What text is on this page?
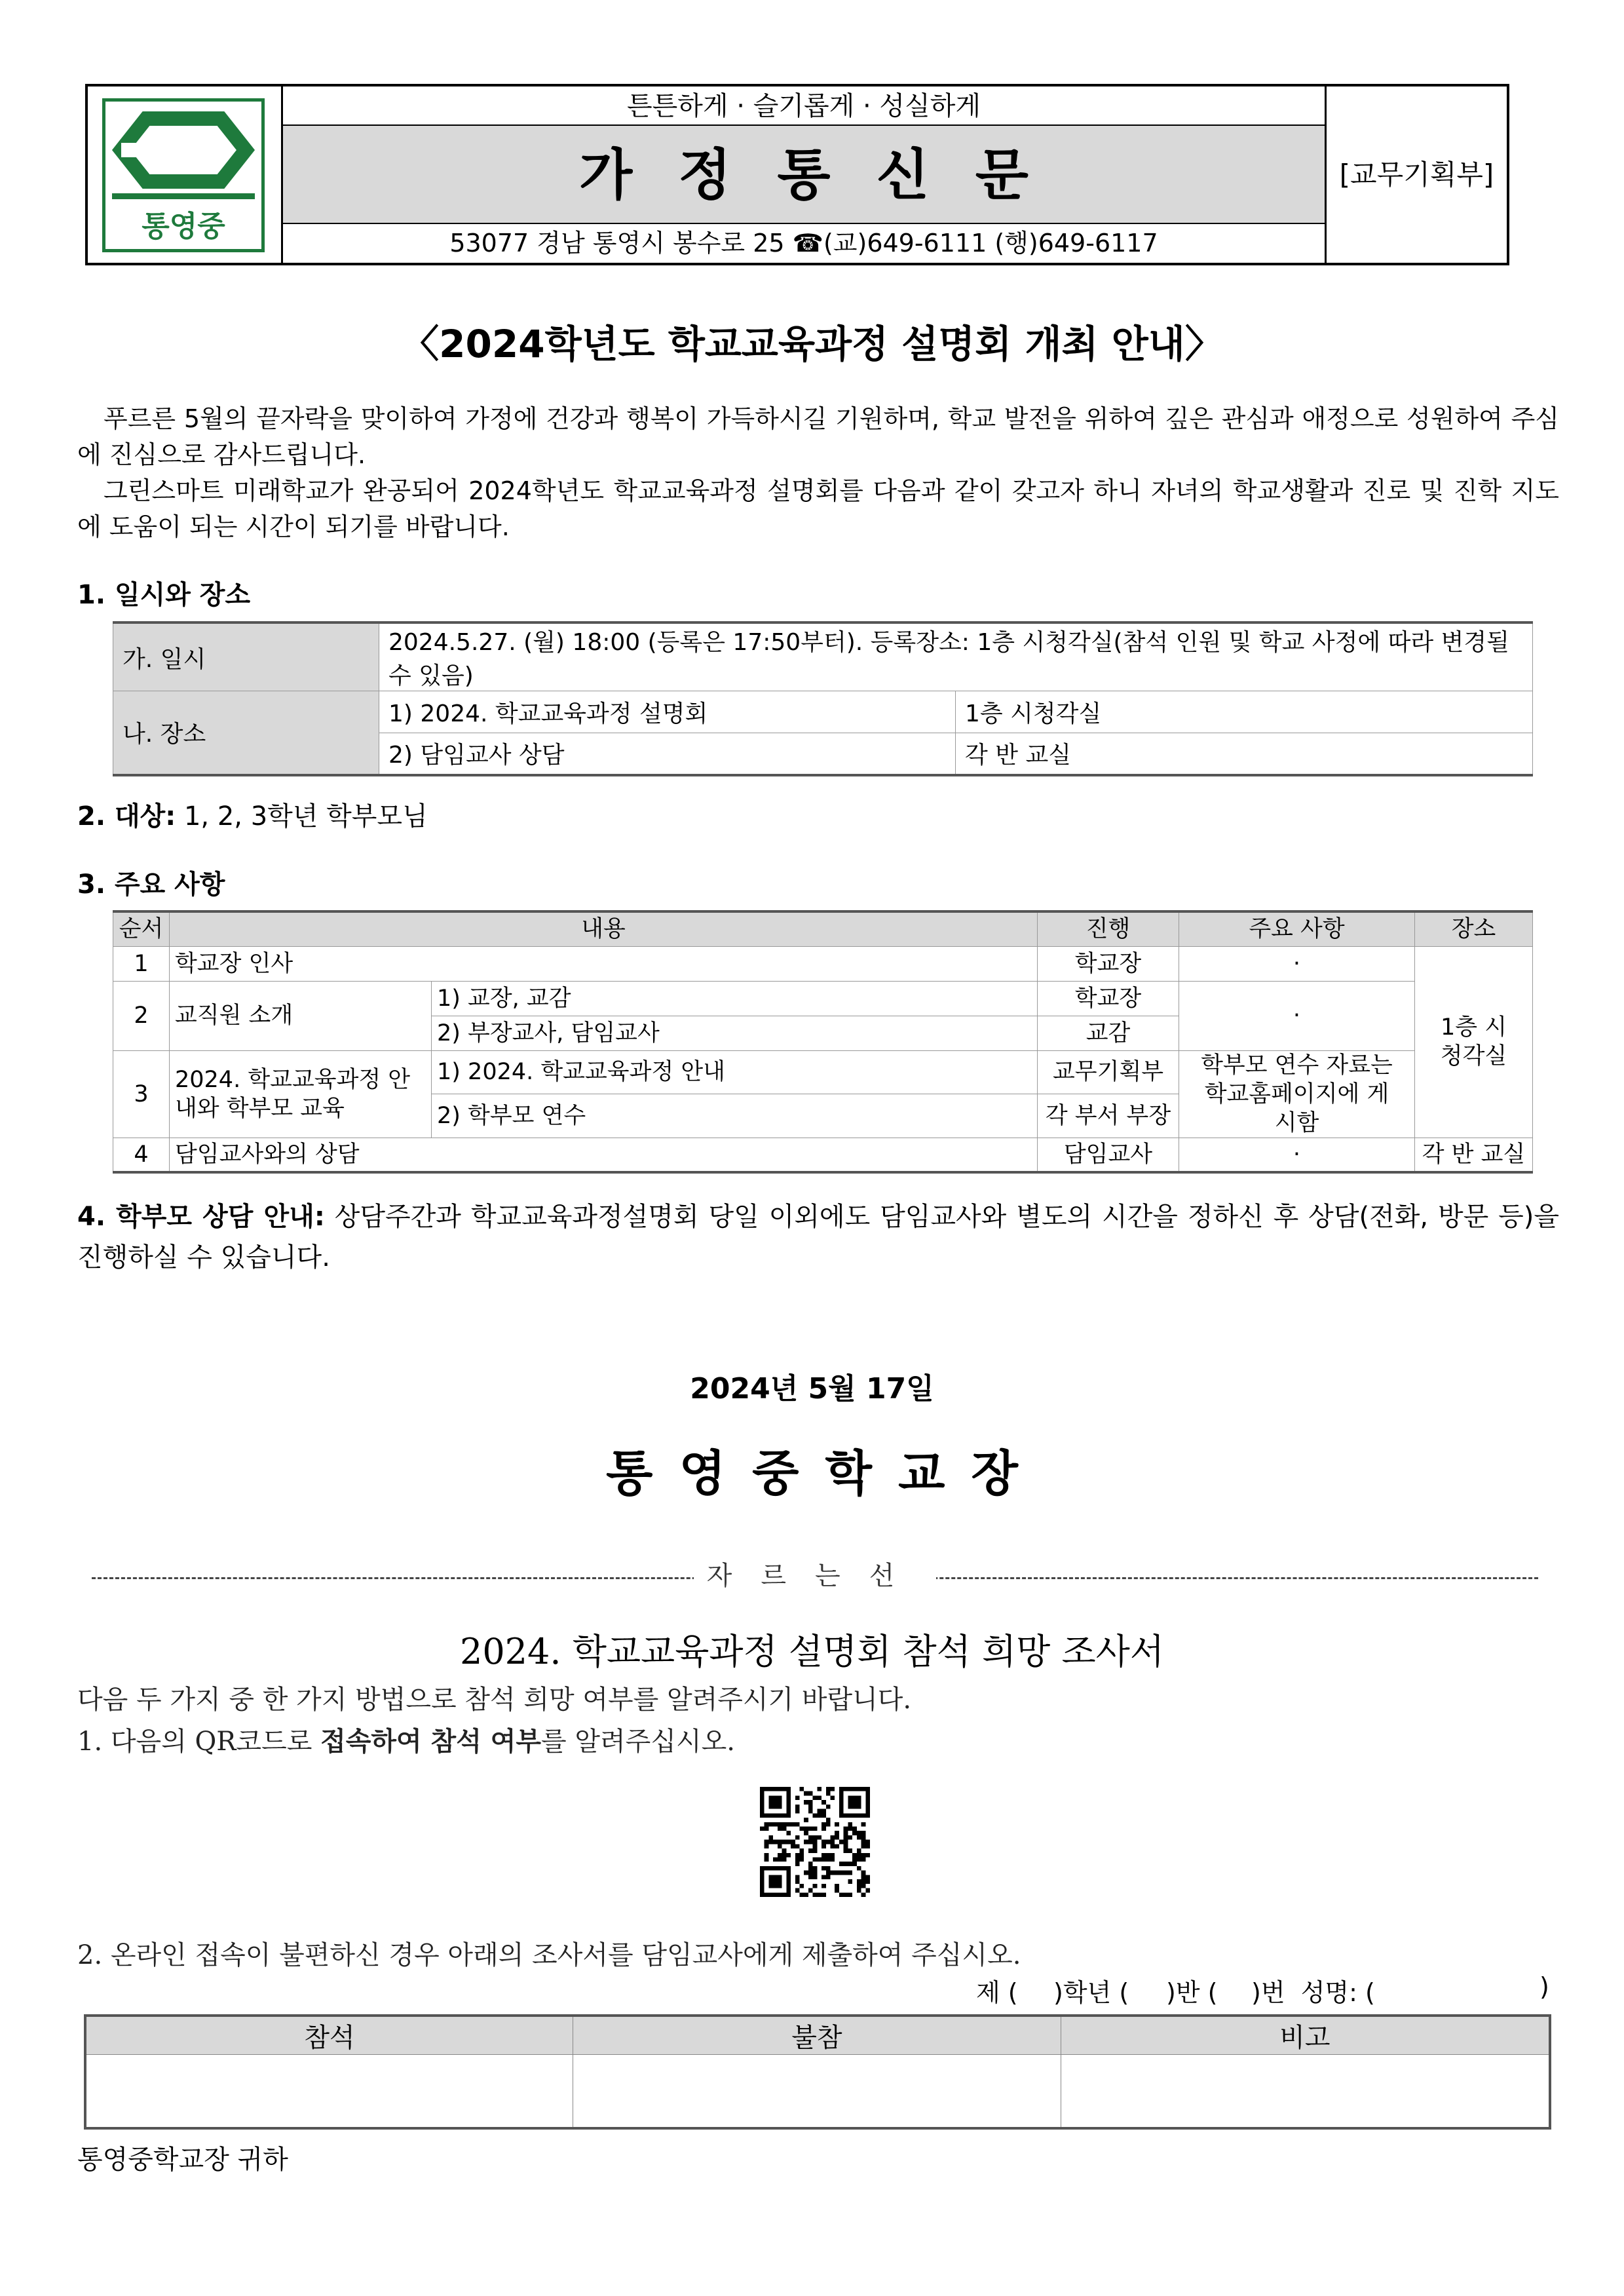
통영중
튼튼하게 · 슬기롭게 · 성실하게
가정통신문
53077 경남 통영시 봉수로 25 ☎(교)649-6111 (행)649-6117
[교무기획부]
〈2024학년도 학교교육과정 설명회 개최 안내〉

푸르른 5월의 끝자락을 맞이하여 가정에 건강과 행복이 가득하시길 기원하며, 학교 발전을 위하여 깊은 관심과 애정으로 성원하여 주심에 진심으로 감사드립니다.

그린스마트 미래학교가 완공되어 2024학년도 학교교육과정 설명회를 다음과 같이 갖고자 하니 자녀의 학교생활과 진로 및 진학 지도에 도움이 되는 시간이 되기를 바랍니다.

1. 일시와 장소
가. 일시	2024.5.27. (월) 18:00 (등록은 17:50부터). 등록장소: 1층 시청각실(참석 인원 및 학교 사정에 따라 변경될 수 있음)	
나. 장소	1) 2024. 학교교육과정 설명회	1층 시청각실
	2) 담임교사 상담	각 반 교실
2. 대상: 1, 2, 3학년 학부모님
3. 주요 사항
순서	내용		진행	주요 사항	장소
1	학교장 인사		학교장	·	1층 시청각실
2	교직원 소개	1) 교장, 교감	학교장	·	
		2) 부장교사, 담임교사	교감		
3	2024. 학교교육과정 안내와 학부모 교육	1) 2024. 학교교육과정 안내	교무기획부	학부모 연수 자료는 학교홈페이지에 게시함	
		2) 학부모 연수	각 부서 부장		
4	담임교사와의 상담		담임교사	·	각 반 교실
4. 학부모 상담 안내: 상담주간과 학교교육과정설명회 당일 이외에도 담임교사와 별도의 시간을 정하신 후 상담(전화, 방문 등)을 진행하실 수 있습니다.
2024년 5월 17일
통영중학교장
자르는선
2024. 학교교육과정 설명회 참석 희망 조사서
다음 두 가지 중 한 가지 방법으로 참석 희망 여부를 알려주시기 바랍니다.
1. 다음의 QR코드로 접속하여 참석 여부를 알려주십시오.
2. 온라인 접속이 불편하신 경우 아래의 조사서를 담임교사에게 제출하여 주십시오.
제 ( )학년 ( )반 ( )번  성명: (	)
참석	불참	비고

통영중학교장 귀하
